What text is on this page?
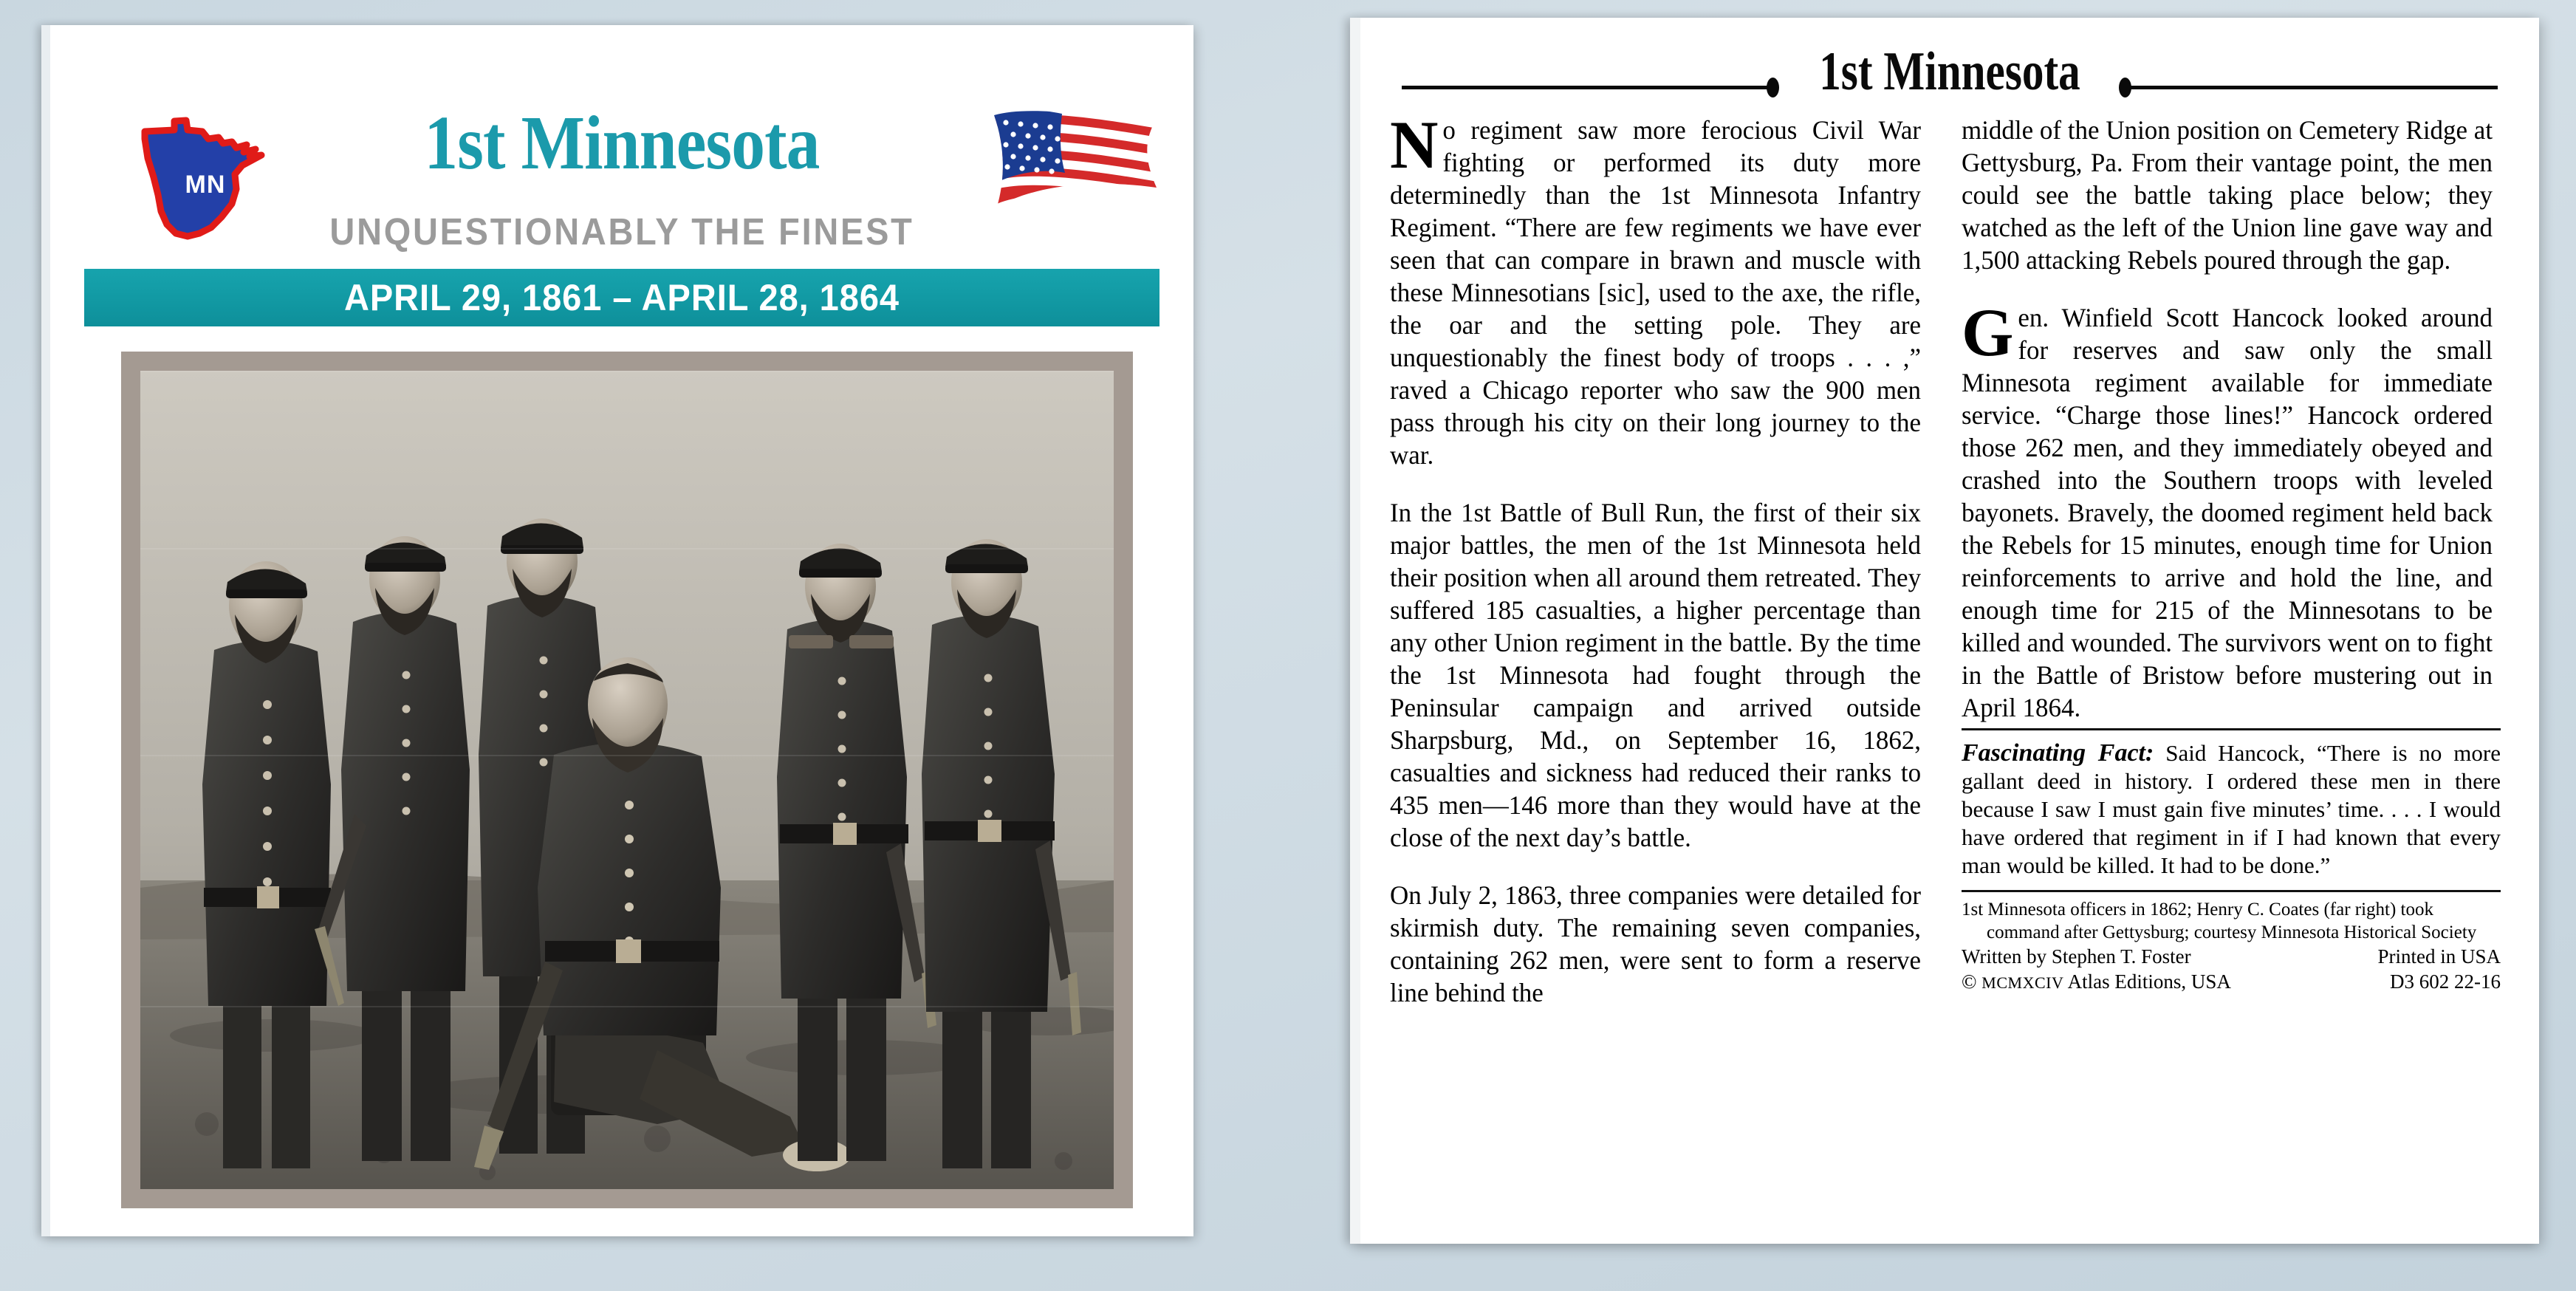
MN	1st Minnesota
UNQUESTIONABLY THE FINEST
APRIL 29, 1861 – APRIL 28, 1864
1st Minnesota

No regiment saw more ferocious Civil War fighting or performed its duty more determinedly than the 1st Minnesota Infantry Regiment. “There are few regiments we have ever seen that can compare in brawn and muscle with these Minnesotians [sic], used to the axe, the rifle, the oar and the setting pole. They are unquestionably the finest body of troops . . . ,” raved a Chicago reporter who saw the 900 men pass through his city on their long journey to the war.

In the 1st Battle of Bull Run, the first of their six major battles, the men of the 1st Minnesota held their position when all around them retreated. They suffered 185 casualties, a higher percentage than any other Union regiment in the battle. By the time the 1st Minnesota had fought through the Peninsular campaign and arrived outside Sharpsburg, Md., on September 16, 1862, casualties and sickness had reduced their ranks to 435 men—146 more than they would have at the close of the next day’s battle.

On July 2, 1863, three companies were detailed for skirmish duty. The remaining seven companies, containing 262 men, were sent to form a reserve line behind the

middle of the Union position on Cemetery Ridge at Gettysburg, Pa. From their vantage point, the men could see the battle taking place below; they watched as the left of the Union line gave way and 1,500 attacking Rebels poured through the gap.

Gen. Winfield Scott Hancock looked around for reserves and saw only the small Minnesota regiment available for immediate service. “Charge those lines!” Hancock ordered those 262 men, and they immediately obeyed and crashed into the Southern troops with leveled bayonets. Bravely, the doomed regiment held back the Rebels for 15 minutes, enough time for Union reinforcements to arrive and hold the line, and enough time for 215 of the Minnesotans to be killed and wounded. The survivors went on to fight in the Battle of Bristow before mustering out in April 1864.

Fascinating Fact: Said Hancock, “There is no more gallant deed in history. I ordered these men in there because I saw I must gain five minutes’ time. . . . I would have ordered that regiment in if I had known that every man would be killed. It had to be done.”

1st Minnesota officers in 1862; Henry C. Coates (far right) took
command after Gettysburg; courtesy Minnesota Historical Society
Written by Stephen T. Foster	Printed in USA
© MCMXCIV Atlas Editions, USA	D3 602 22-16
